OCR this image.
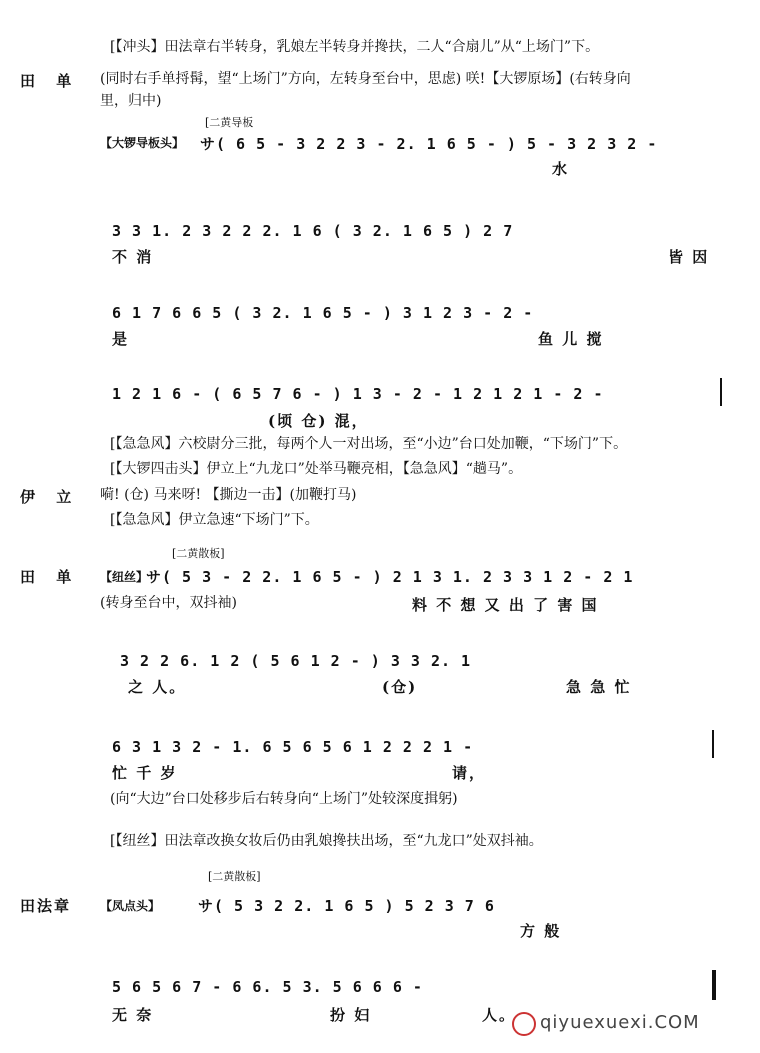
[【冲头】田法章右半转身，乳娘左半转身并搀扶，二人“合扇儿”从“上场门”下。
田 单 (同时右手单捋髯，望“上场门”方向，左转身至台中，思虑) 咲!【大锣原场】(右转身向
里，归中)
[二黄导板
【大锣导板头】 サ( 6 5 - 3 2 2 3 - 2. 1 6 5 - ) 5 - 3 2 3 2 -
水
3 3 1. 2 3 2 2 2. 1 6 ( 3 2. 1 6 5 ) 2 7
不 消	皆 因
6 1 7 6 6 5 ( 3 2. 1 6 5 - ) 3 1 2 3 - 2 -
是	鱼 儿 搅
1 2 1 6 - ( 6 5 7 6 - ) 1 3 - 2 - 1 2 1 2 1 - 2 -
(顷 仓) 混，
[【急急风】六校尉分三批，每两个人一对出场，至“小边”台口处加鞭，“下场门”下。
[【大锣四击头】伊立上“九龙口”处举马鞭亮相，【急急风】“趟马”。
伊 立 嗬! (仓) 马来呀! 【撕边一击】(加鞭打马)
[【急急风】伊立急速“下场门”下。
[二黄散板]
田 单 【纽丝】
サ( 5 3 - 2 2. 1 6 5 - ) 2 1 3 1. 2 3 3 1 2 - 2 1
(转身至台中，双抖袖)	料 不 想 又 出 了 害 国
3 2 2 6. 1 2 ( 5 6 1 2 - ) 3 3 2. 1
之 人。	(仓)	急 急 忙
6 3 1 3 2 - 1. 6 5 6 5 6 1 2 2 2 1 -
忙 千 岁	请，
(向“大边”台口处移步后右转身向“上场门”处较深度揖躬)
[【纽丝】田法章改换女妆后仍由乳娘搀扶出场，至“九龙口”处双抖袖。
[二黄散板]
田法章 【凤点头】	サ( 5 3 2 2. 1 6 5 ) 5 2 3 7 6
方 般
5 6 5 6 7 - 6 6. 5 3. 5 6 6 6 -
无 奈	扮 妇	人。 qiyuexuexi.COM
